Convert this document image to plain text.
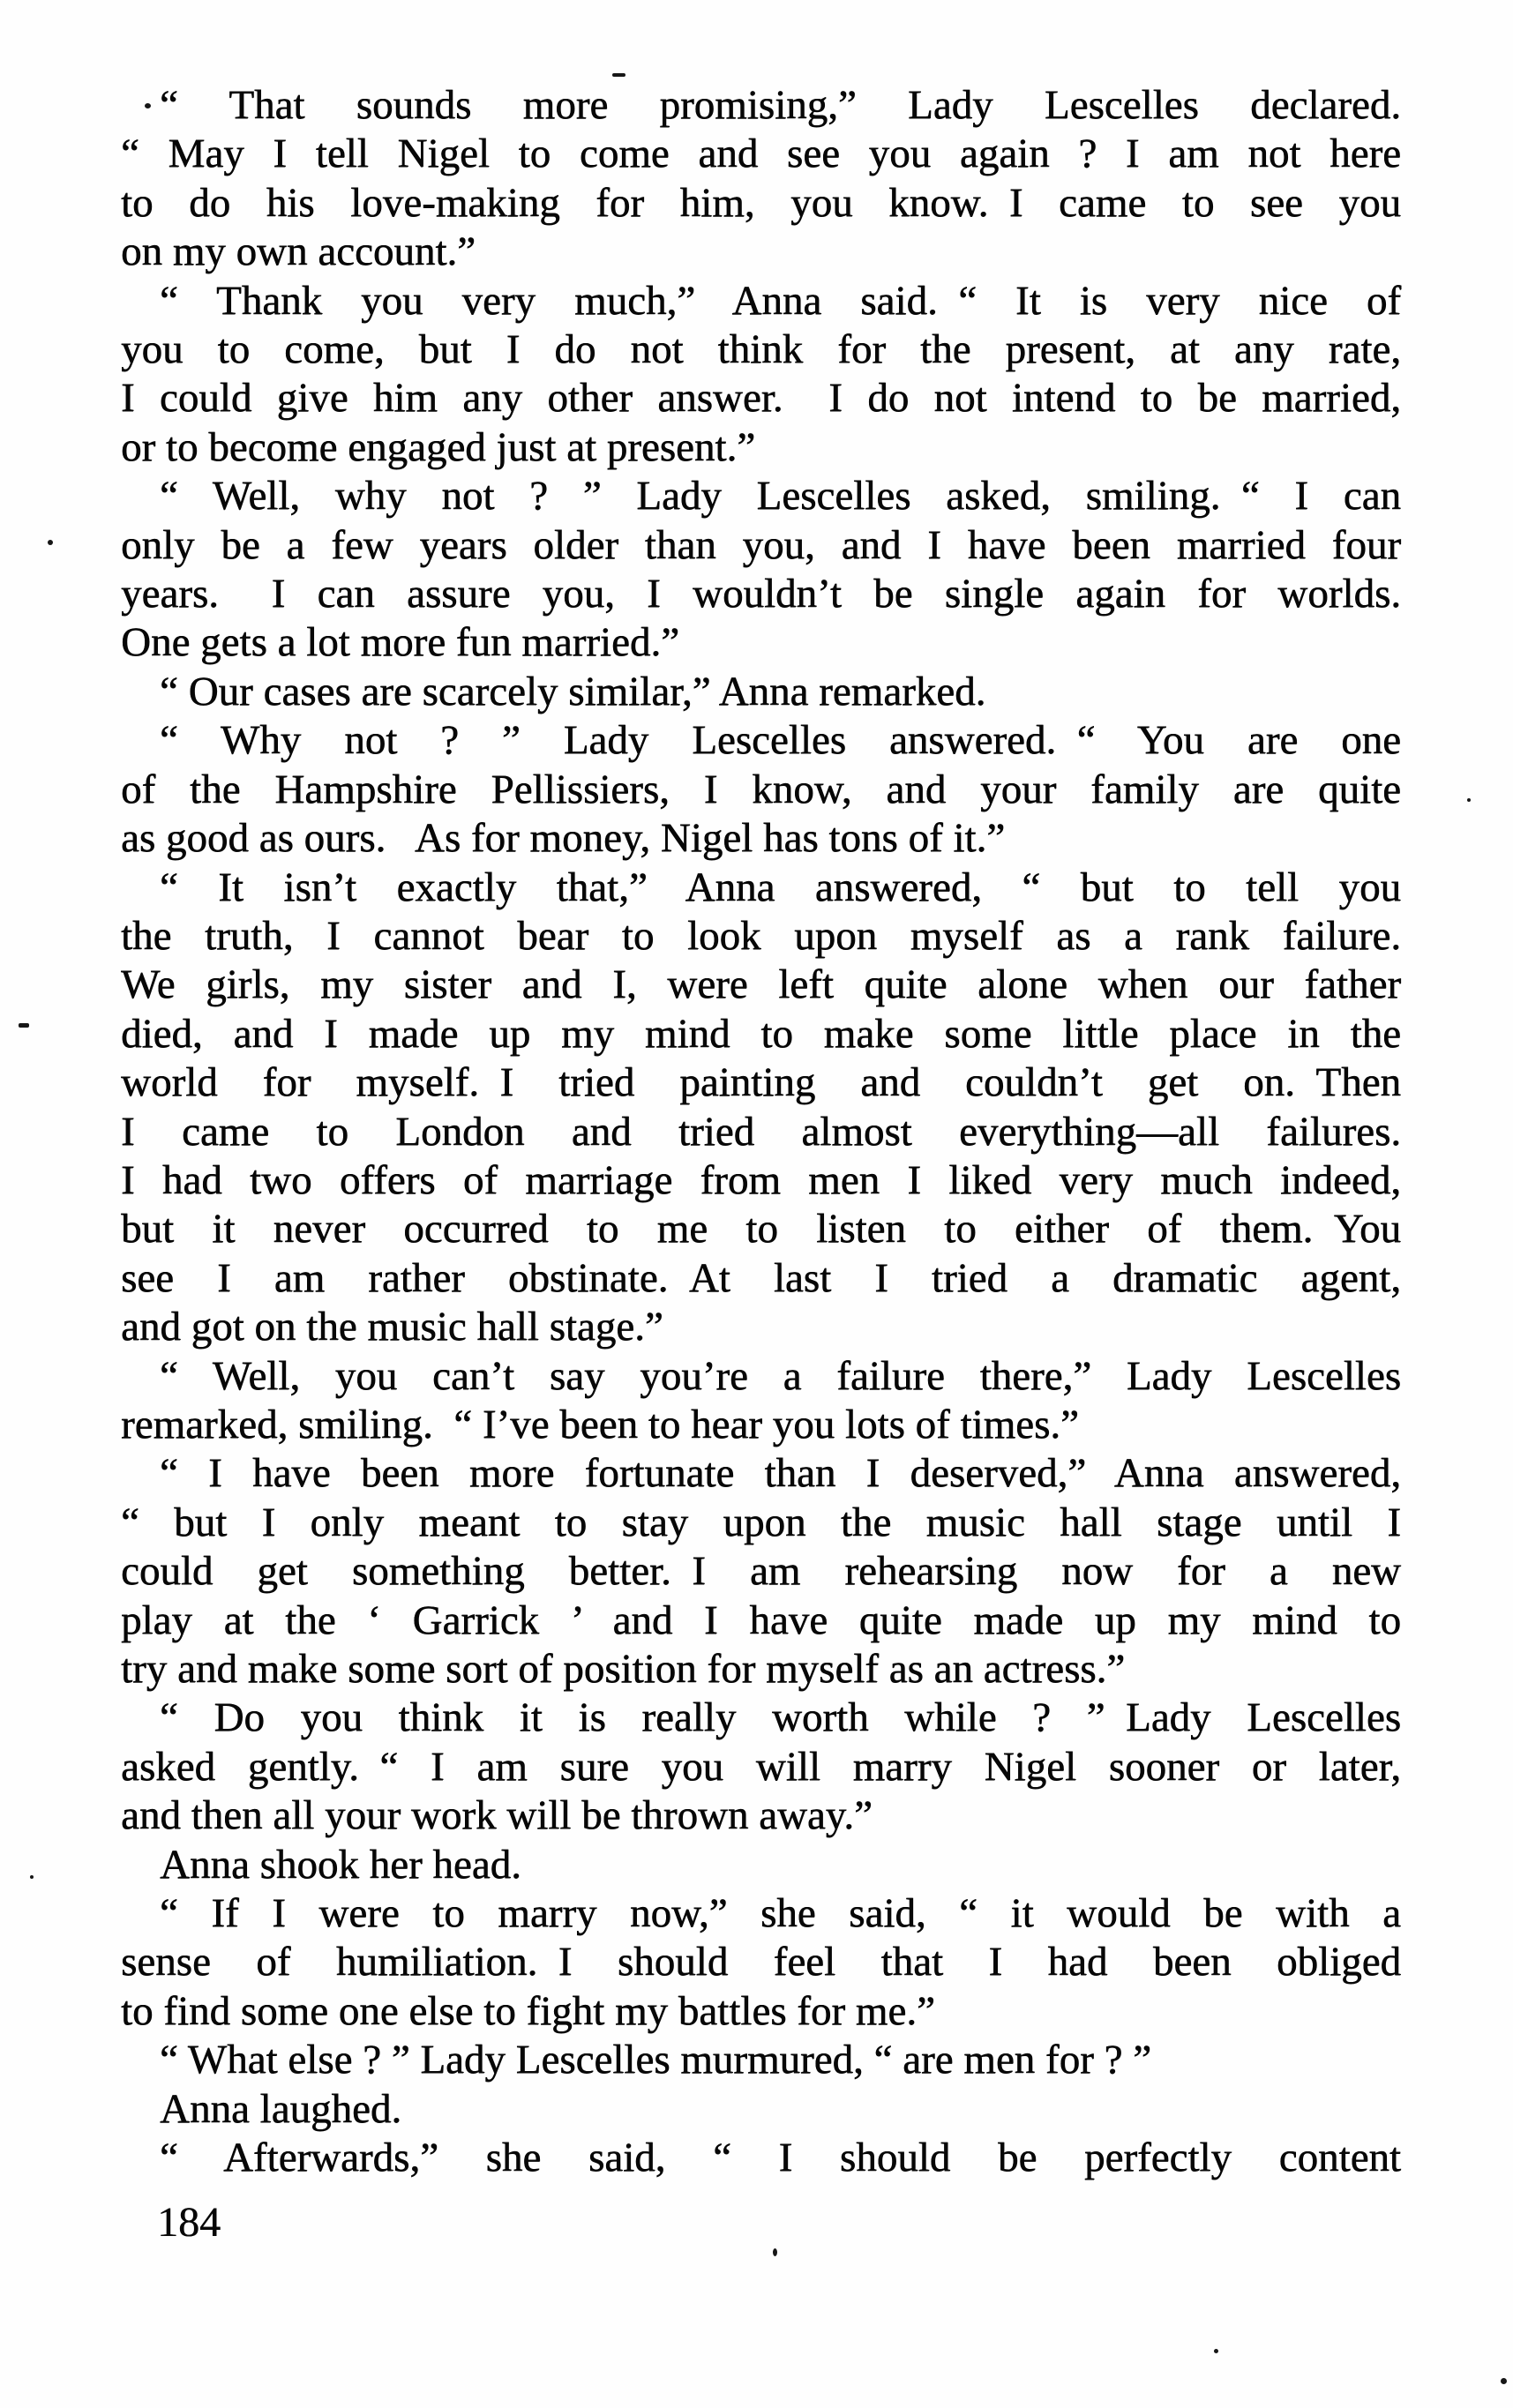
“ That sounds more promising,” Lady Lescelles declared.
“ May I tell Nigel to come and see you again ? I am not here
to do his love-making for him, you know. I came to see you
on my own account.”
“ Thank you very much,” Anna said. “ It is very nice of
you to come, but I do not think for the present, at any rate,
I could give him any other answer.  I do not intend to be married,
or to become engaged just at present.”
“ Well, why not ? ” Lady Lescelles asked, smiling. “ I can
only be a few years older than you, and I have been married four
years.  I can assure you, I wouldn’t be single again for worlds.
One gets a lot more fun married.”
“ Our cases are scarcely similar,” Anna remarked.
“ Why not ? ” Lady Lescelles answered. “ You are one
of the Hampshire Pellissiers, I know, and your family are quite
as good as ours.  As for money, Nigel has tons of it.”
“ It isn’t exactly that,” Anna answered, “ but to tell you
the truth, I cannot bear to look upon myself as a rank failure.
We girls, my sister and I, were left quite alone when our father
died, and I made up my mind to make some little place in the
world for myself. I tried painting and couldn’t get on. Then
I came to London and tried almost everything—all failures.
I had two offers of marriage from men I liked very much indeed,
but it never occurred to me to listen to either of them. You
see I am rather obstinate. At last I tried a dramatic agent,
and got on the music hall stage.”
“ Well, you can’t say you’re a failure there,” Lady Lescelles
remarked, smiling. “ I’ve been to hear you lots of times.”
“ I have been more fortunate than I deserved,” Anna answered,
“ but I only meant to stay upon the music hall stage until I
could get something better. I am rehearsing now for a new
play at the ‘ Garrick ’ and I have quite made up my mind to
try and make some sort of position for myself as an actress.”
“ Do you think it is really worth while ? ” Lady Lescelles
asked gently. “ I am sure you will marry Nigel sooner or later,
and then all your work will be thrown away.”
Anna shook her head.
“ If I were to marry now,” she said, “ it would be with a
sense of humiliation. I should feel that I had been obliged
to find some one else to fight my battles for me.”
“ What else ? ” Lady Lescelles murmured, “ are men for ? ”
Anna laughed.
“ Afterwards,” she said, “ I should be perfectly content
184
